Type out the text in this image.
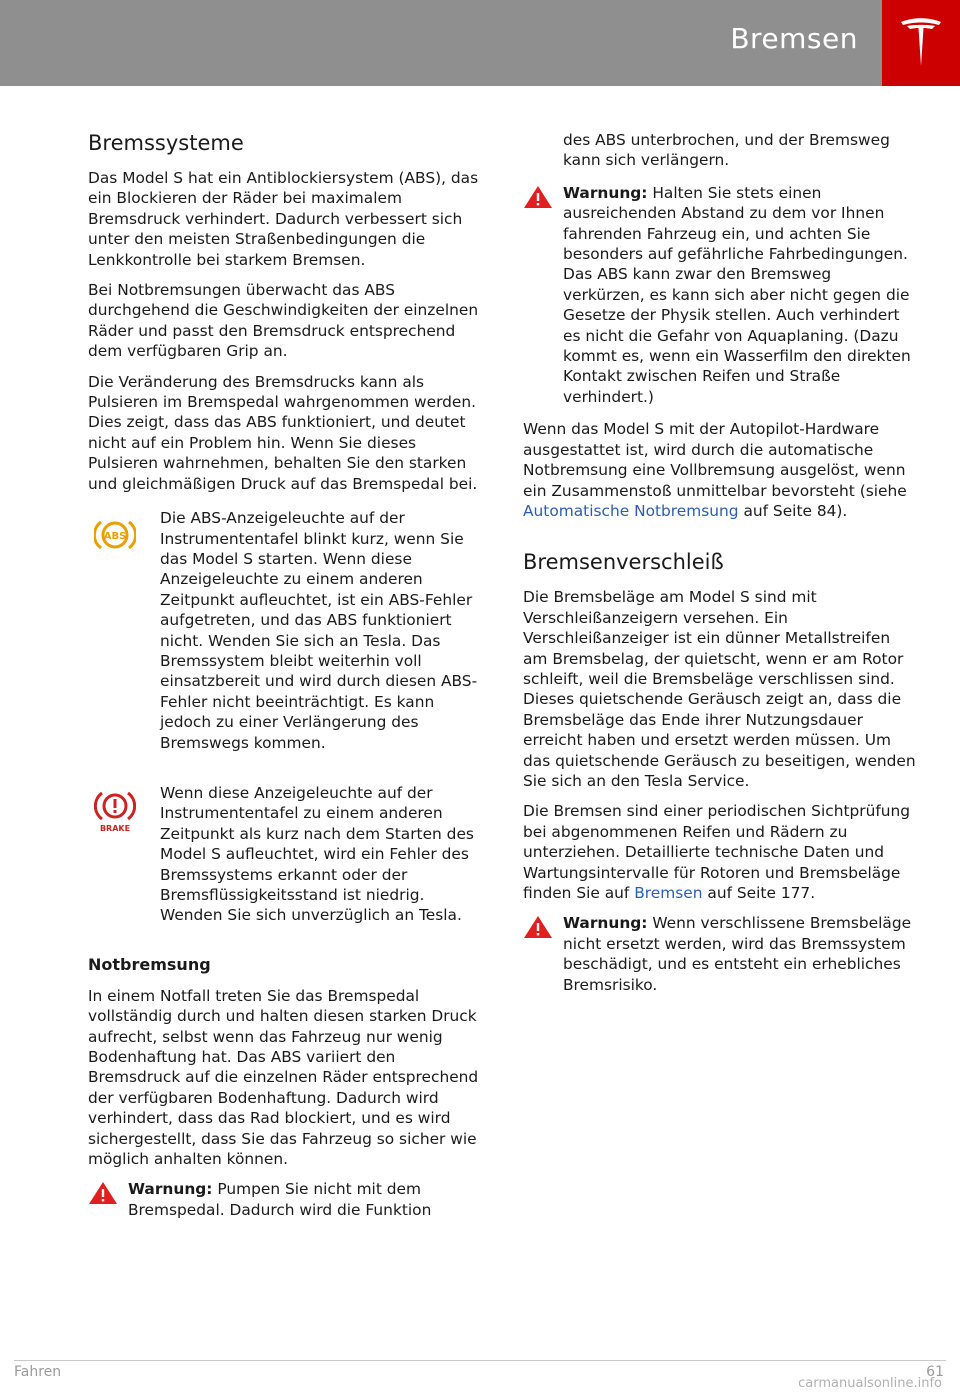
Bremsen
Bremssysteme

Das Model S hat ein Antiblockiersystem (ABS), das ein Blockieren der Räder bei maximalem Bremsdruck verhindert. Dadurch verbessert sich unter den meisten Straßenbedingungen die Lenkkontrolle bei starkem Bremsen.

Bei Notbremsungen überwacht das ABS durchgehend die Geschwindigkeiten der einzelnen Räder und passt den Bremsdruck entsprechend dem verfügbaren Grip an.

Die Veränderung des Bremsdrucks kann als Pulsieren im Bremspedal wahrgenommen werden. Dies zeigt, dass das ABS funktioniert, und deutet nicht auf ein Problem hin. Wenn Sie dieses Pulsieren wahrnehmen, behalten Sie den starken und gleichmäßigen Druck auf das Bremspedal bei.

ABS

Die ABS-Anzeigeleuchte auf der Instrumententafel blinkt kurz, wenn Sie das Model S starten. Wenn diese Anzeigeleuchte zu einem anderen Zeitpunkt aufleuchtet, ist ein ABS-Fehler aufgetreten, und das ABS funktioniert nicht. Wenden Sie sich an Tesla. Das Bremssystem bleibt weiterhin voll einsatzbereit und wird durch diesen ABS-Fehler nicht beeinträchtigt. Es kann jedoch zu einer Verlängerung des Bremswegs kommen.

BRAKE

Wenn diese Anzeigeleuchte auf der Instrumententafel zu einem anderen Zeitpunkt als kurz nach dem Starten des Model S aufleuchtet, wird ein Fehler des Bremssystems erkannt oder der Bremsflüssigkeitsstand ist niedrig. Wenden Sie sich unverzüglich an Tesla.

Notbremsung

In einem Notfall treten Sie das Bremspedal vollständig durch und halten diesen starken Druck aufrecht, selbst wenn das Fahrzeug nur wenig Bodenhaftung hat. Das ABS variiert den Bremsdruck auf die einzelnen Räder entsprechend der verfügbaren Bodenhaftung. Dadurch wird verhindert, dass das Rad blockiert, und es wird sichergestellt, dass Sie das Fahrzeug so sicher wie möglich anhalten können.

Warnung: Pumpen Sie nicht mit dem Bremspedal. Dadurch wird die Funktion

des ABS unterbrochen, und der Bremsweg kann sich verlängern.

Warnung: Halten Sie stets einen ausreichenden Abstand zu dem vor Ihnen fahrenden Fahrzeug ein, und achten Sie besonders auf gefährliche Fahrbedingungen. Das ABS kann zwar den Bremsweg verkürzen, es kann sich aber nicht gegen die Gesetze der Physik stellen. Auch verhindert es nicht die Gefahr von Aquaplaning. (Dazu kommt es, wenn ein Wasserfilm den direkten Kontakt zwischen Reifen und Straße verhindert.)

Wenn das Model S mit der Autopilot-Hardware ausgestattet ist, wird durch die automatische Notbremsung eine Vollbremsung ausgelöst, wenn ein Zusammenstoß unmittelbar bevorsteht (siehe Automatische Notbremsung auf Seite 84).

Bremsenverschleiß

Die Bremsbeläge am Model S sind mit Verschleißanzeigern versehen. Ein Verschleißanzeiger ist ein dünner Metallstreifen am Bremsbelag, der quietscht, wenn er am Rotor schleift, weil die Bremsbeläge verschlissen sind. Dieses quietschende Geräusch zeigt an, dass die Bremsbeläge das Ende ihrer Nutzungsdauer erreicht haben und ersetzt werden müssen. Um das quietschende Geräusch zu beseitigen, wenden Sie sich an den Tesla Service.

Die Bremsen sind einer periodischen Sichtprüfung bei abgenommenen Reifen und Rädern zu unterziehen. Detaillierte technische Daten und Wartungsintervalle für Rotoren und Bremsbeläge finden Sie auf Bremsen auf Seite 177.

Warnung: Wenn verschlissene Bremsbeläge nicht ersetzt werden, wird das Bremssystem beschädigt, und es entsteht ein erhebliches Bremsrisiko.

Fahren	61
carmanualsonline.info
